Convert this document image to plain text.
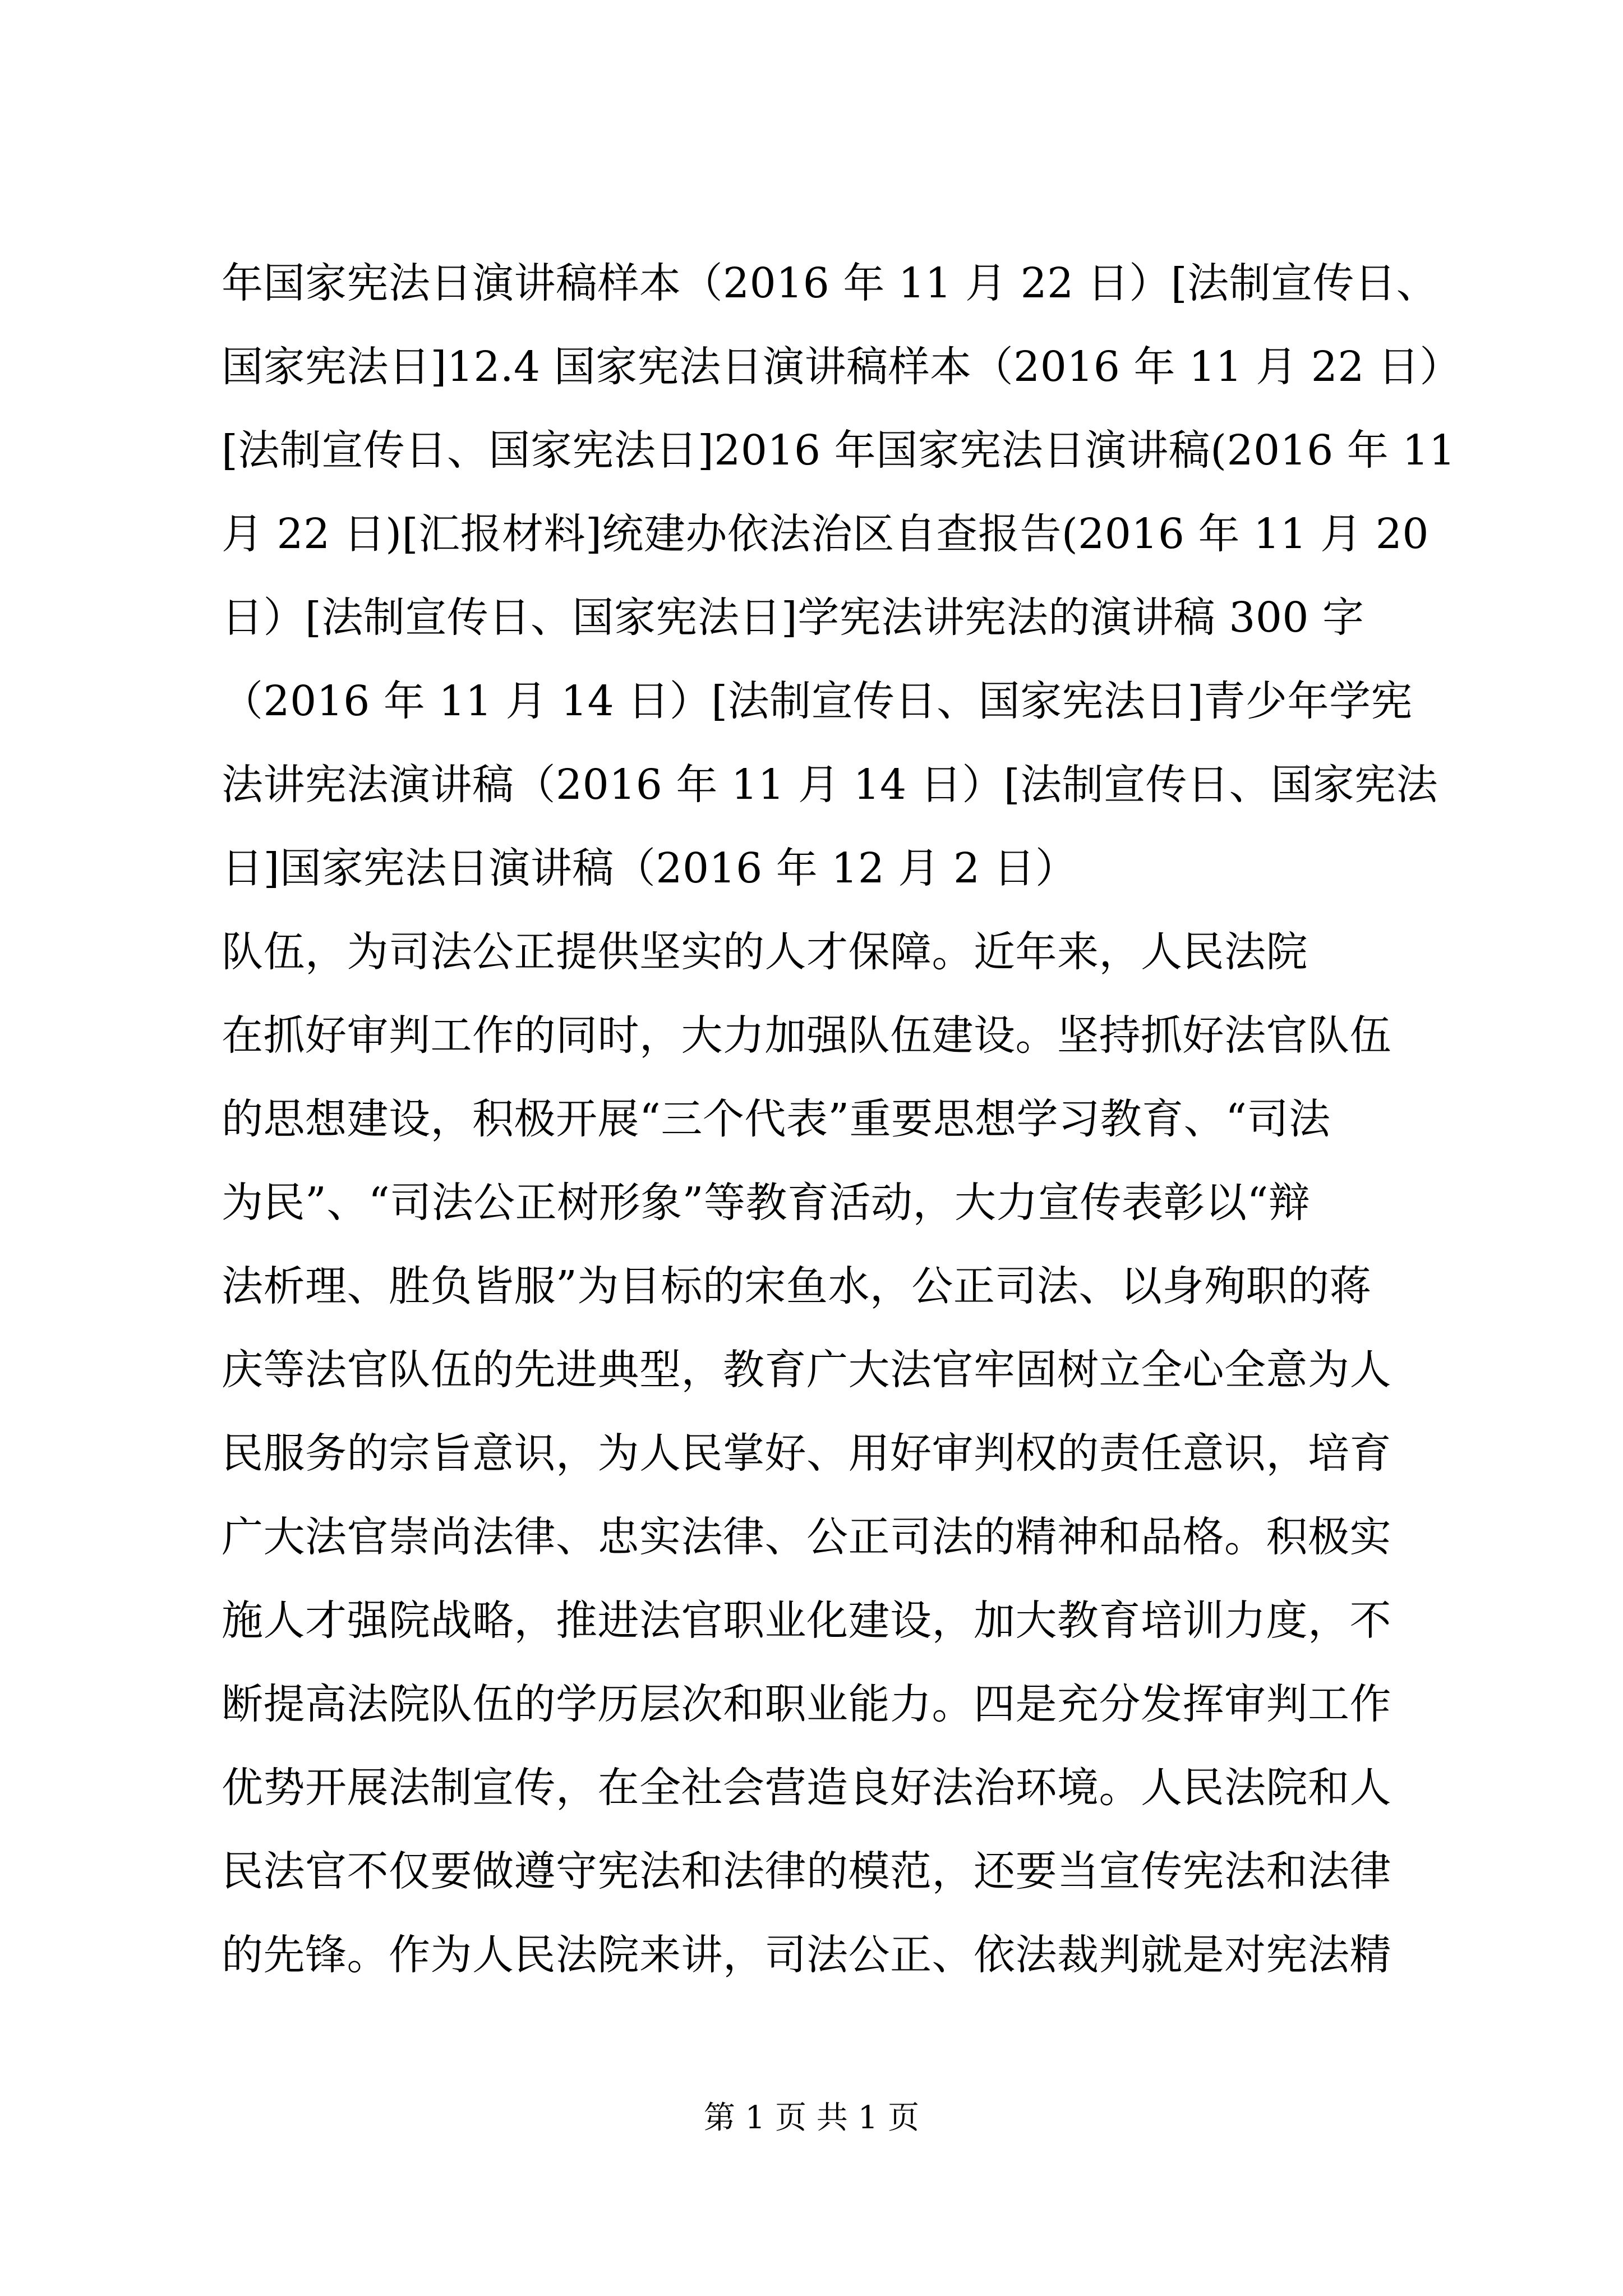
年国家宪法日演讲稿样本（2016 年 11 月 22 日）[法制宣传日、
国家宪法日]12.4 国家宪法日演讲稿样本（2016 年 11 月 22 日）
[法制宣传日、国家宪法日]2016 年国家宪法日演讲稿(2016 年 11
月 22 日)[汇报材料]统建办依法治区自查报告(2016 年 11 月 20
日）[法制宣传日、国家宪法日]学宪法讲宪法的演讲稿 300 字
（2016 年 11 月 14 日）[法制宣传日、国家宪法日]青少年学宪
法讲宪法演讲稿（2016 年 11 月 14 日）[法制宣传日、国家宪法
日]国家宪法日演讲稿（2016 年 12 月 2 日）
队伍，为司法公正提供坚实的人才保障。近年来，人民法院
在抓好审判工作的同时，大力加强队伍建设。坚持抓好法官队伍
的思想建设，积极开展“三个代表”重要思想学习教育、“司法
为民”、“司法公正树形象”等教育活动，大力宣传表彰以“辩
法析理、胜负皆服”为目标的宋鱼水，公正司法、以身殉职的蒋
庆等法官队伍的先进典型，教育广大法官牢固树立全心全意为人
民服务的宗旨意识，为人民掌好、用好审判权的责任意识，培育
广大法官崇尚法律、忠实法律、公正司法的精神和品格。积极实
施人才强院战略，推进法官职业化建设，加大教育培训力度，不
断提高法院队伍的学历层次和职业能力。四是充分发挥审判工作
优势开展法制宣传，在全社会营造良好法治环境。人民法院和人
民法官不仅要做遵守宪法和法律的模范，还要当宣传宪法和法律
的先锋。作为人民法院来讲，司法公正、依法裁判就是对宪法精
第 1 页 共 1 页
